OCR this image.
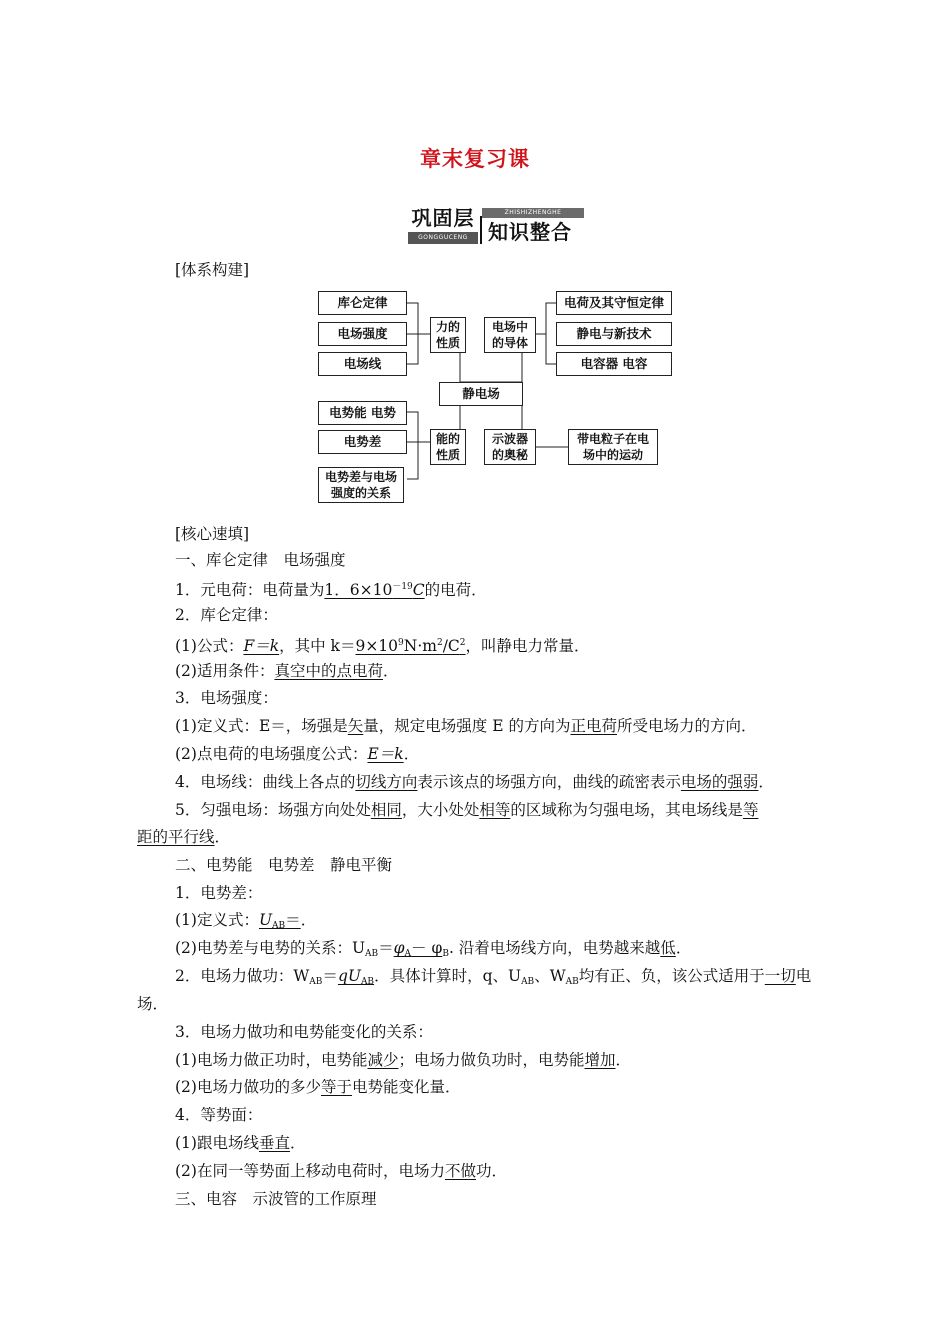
章末复习课
巩固层
GONGGUCENG
ZHISHIZHENGHE
知识整合
[体系构建]
库仑定律
电场强度
电场线
力的
性质
电场中
的导体
电荷及其守恒定律
静电与新技术
电容器 电容
静电场
电势能 电势
电势差
电势差与电场
强度的关系
能的
性质
示波器
的奥秘
带电粒子在电
场中的运动
[核心速填]
一、库仑定律　电场强度
1．元电荷：电荷量为1．$6\times 10^{-19}C$的电荷．
2．库仑定律：
(1)公式：F＝k，其中 $k=9\times 10^9N\cdot m^2/C^2$，叫静电力常量．
(2)适用条件：真空中的点电荷．
3．电场强度：
(1)定义式：E＝，场强是矢量，规定电场强度 E 的方向为正电荷所受电场力的方向．
(2)点电荷的电场强度公式：E＝k．
4．电场线：曲线上各点的切线方向表示该点的场强方向，曲线的疏密表示电场的强弱．
5．匀强电场：场强方向处处相同，大小处处相等的区域称为匀强电场，其电场线是等
距的平行线．
二、电势能　电势差　静电平衡
1．电势差：
(1)定义式：$U_{AB}=$．
(2)电势差与电势的关系：$U_{AB}=\varphi_A- \varphi_B$. 沿着电场线方向，电势越来越低．
2．电场力做功：$W_{AB}=qU_{AB}$．具体计算时，q、$U_{AB}$、$W_{AB}$均有正、负，该公式适用于一切电
场．
3．电场力做功和电势能变化的关系：
(1)电场力做正功时，电势能减少；电场力做负功时，电势能增加．
(2)电场力做功的多少等于电势能变化量．
4．等势面：
(1)跟电场线垂直．
(2)在同一等势面上移动电荷时，电场力不做功．
三、电容　示波管的工作原理
